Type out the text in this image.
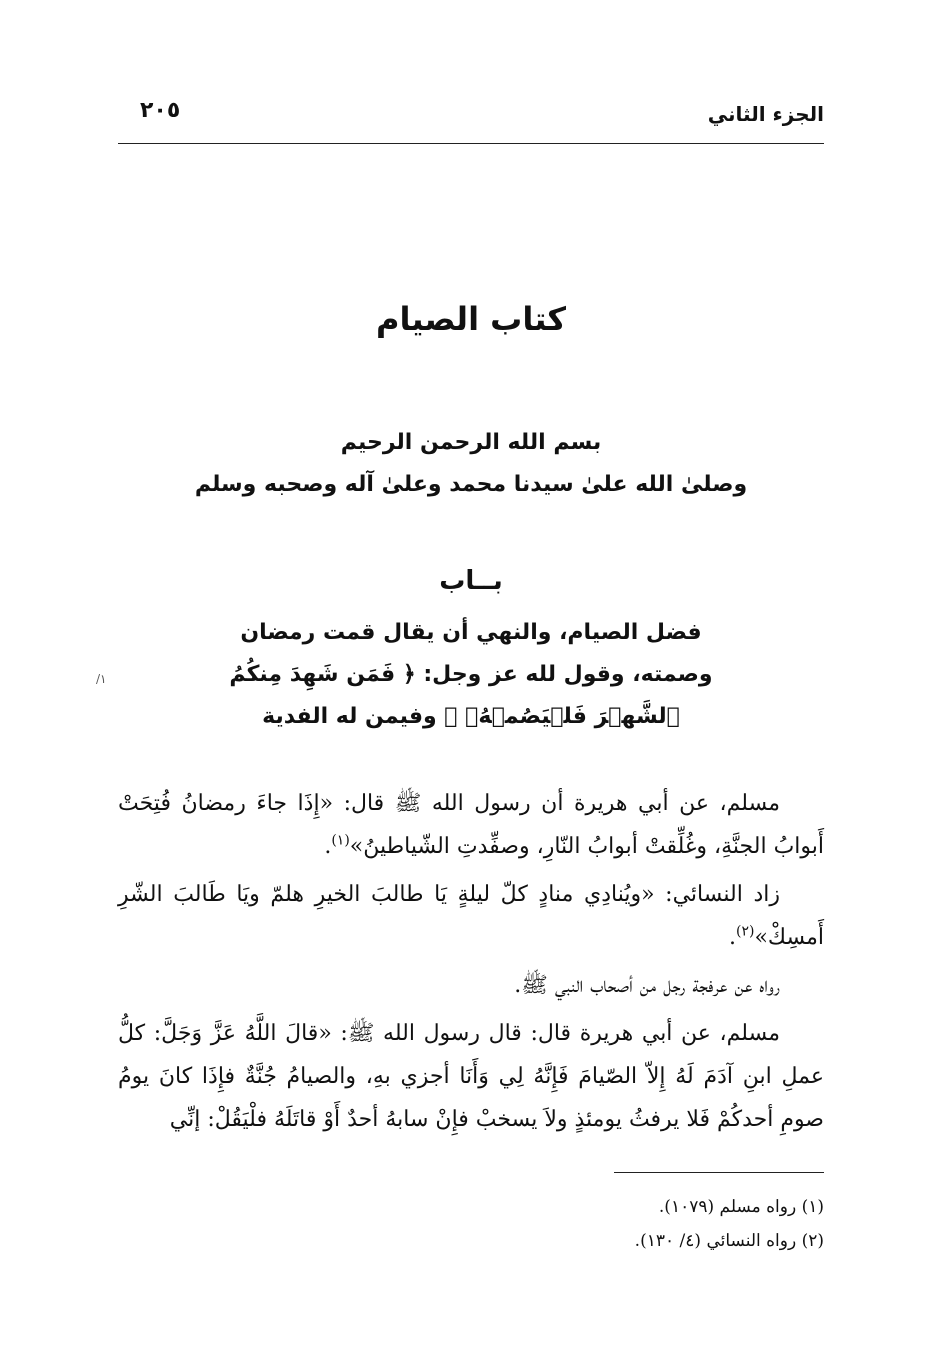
الجزء الثاني
٢٠٥
كتاب الصيام
بسم الله الرحمن الرحيم
وصلىٰ الله علىٰ سيدنا محمد وعلىٰ آله وصحبه وسلم
بــاب
فضل الصيام، والنهي أن يقال قمت رمضان
وصمته، وقول لله عز وجل: ﴿ فَمَن شَهِدَ مِنكُمُ
ٱلشَّهۡرَ فَلۡيَصُمۡهُۖ ﴾ وفيمن له الفدية
١/

مسلم، عن أبي هريرة أن رسول الله ﷺ قال: «إِذَا جاءَ رمضانُ فُتِحَتْ أَبوابُ الجنَّةِ، وغُلِّقتْ أبوابُ النّارِ، وصفِّدتِ الشّياطينُ»$^{(١)}$.

زاد النسائي: «ويُنادِي منادٍ كلّ ليلةٍ يَا طالبَ الخيرِ هلمّ ويَا طَالبَ الشّرِ أَمسِكْ»$^{(٢)}$.

رواه عن عرفجة رجل من أصحاب النبي ﷺ.

مسلم، عن أبي هريرة قال: قال رسول الله ﷺ: «قالَ اللَّهُ عَزَّ وَجَلَّ: كلُّ عملِ ابنِ آدَمَ لَهُ إِلاّ الصّيامَ فَإِنَّهُ لِي وَأَنَا أجزي بهِ، والصيامُ جُنَّةٌ فإِذَا كانَ يومُ صومِ أحدكُمْ فَلا يرفثُ يومئذٍ ولاَ يسخبْ فإِنْ سابهُ أحدٌ أَوْ قاتَلَهُ فلْيَقُلْ: إنِّي

(١) رواه مسلم (١٠٧٩).

(٢) رواه النسائي (٤/ ١٣٠).
